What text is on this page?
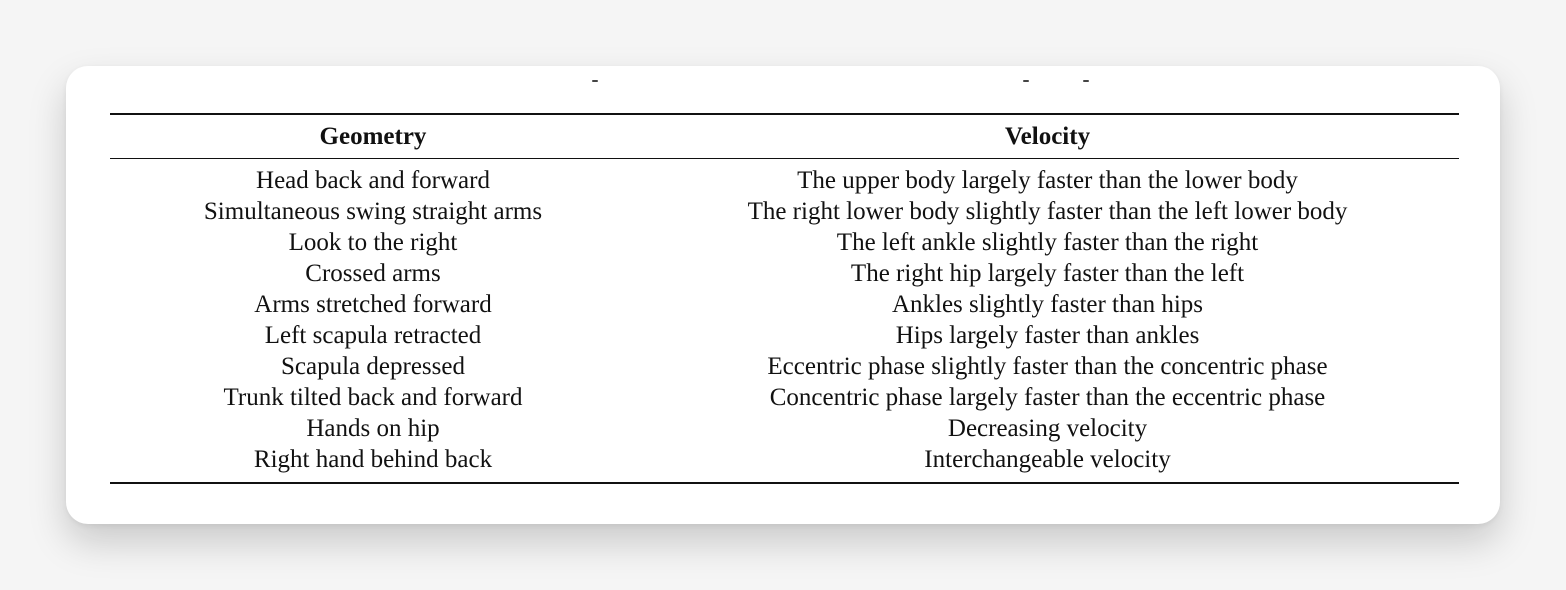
Geometry	Velocity
Head back and forward	The upper body largely faster than the lower body
Simultaneous swing straight arms	The right lower body slightly faster than the left lower body
Look to the right	The left ankle slightly faster than the right
Crossed arms	The right hip largely faster than the left
Arms stretched forward	Ankles slightly faster than hips
Left scapula retracted	Hips largely faster than ankles
Scapula depressed	Eccentric phase slightly faster than the concentric phase
Trunk tilted back and forward	Concentric phase largely faster than the eccentric phase
Hands on hip	Decreasing velocity
Right hand behind back	Interchangeable velocity
